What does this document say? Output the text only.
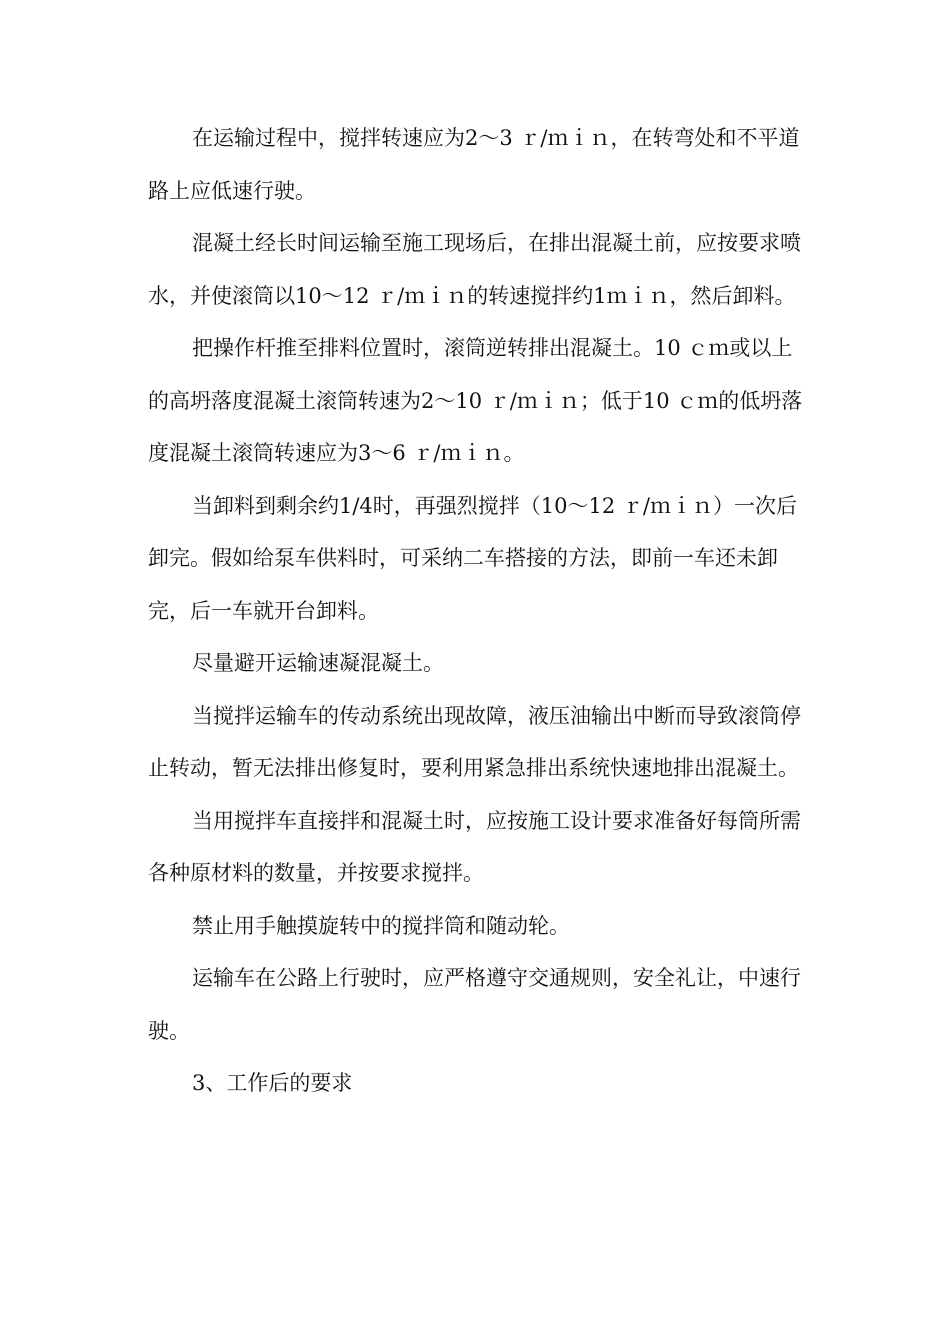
在运输过程中，搅拌转速应为2～3 ｒ/ｍｉｎ，在转弯处和不平道路上应低速行驶。

混凝土经长时间运输至施工现场后，在排出混凝土前，应按要求喷水，并使滚筒以10～12 ｒ/ｍｉｎ的转速搅拌约1ｍｉｎ，然后卸料。

把操作杆推至排料位置时，滚筒逆转排出混凝土。10 ｃｍ或以上的高坍落度混凝土滚筒转速为2～10 ｒ/ｍｉｎ；低于10 ｃｍ的低坍落度混凝土滚筒转速应为3～6 ｒ/ｍｉｎ。

当卸料到剩余约1/4时，再强烈搅拌（10～12 ｒ/ｍｉｎ）一次后卸完。假如给泵车供料时，可采纳二车搭接的方法，即前一车还未卸完，后一车就开台卸料。

尽量避开运输速凝混凝土。

当搅拌运输车的传动系统出现故障，液压油输出中断而导致滚筒停止转动，暂无法排出修复时，要利用紧急排出系统快速地排出混凝土。

当用搅拌车直接拌和混凝土时，应按施工设计要求准备好每筒所需各种原材料的数量，并按要求搅拌。

禁止用手触摸旋转中的搅拌筒和随动轮。

运输车在公路上行驶时，应严格遵守交通规则，安全礼让，中速行驶。

3、工作后的要求
